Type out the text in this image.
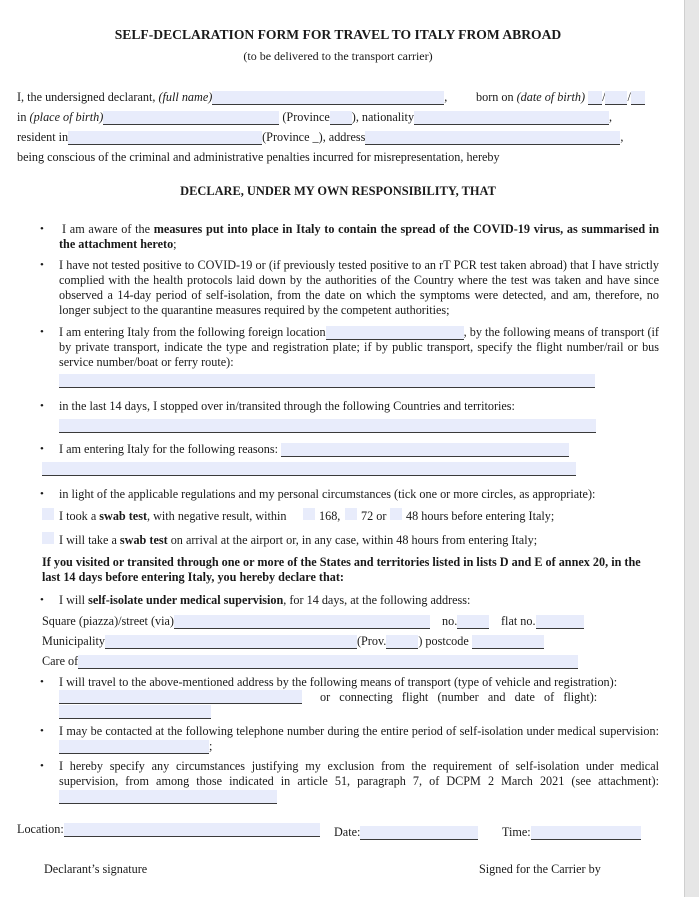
SELF-DECLARATION FORM FOR TRAVEL TO ITALY FROM ABROAD
(to be delivered to the transport carrier)
I, the undersigned declarant, (full name)	, born on (date of birth) / /
in (place of birth)	(Province ), nationality	,
resident in	(Province _), address	,
being conscious of the criminal and administrative penalties incurred for misrepresentation, hereby
DECLARE, UNDER MY OWN RESPONSIBILITY, THAT
• I am aware of the measures put into place in Italy to contain the spread of the COVID-19 virus, as summarised in the attachment hereto;
• I have not tested positive to COVID-19 or (if previously tested positive to an rT PCR test taken abroad) that I have strictly complied with the health protocols laid down by the authorities of the Country where the test was taken and have since observed a 14-day period of self-isolation, from the date on which the symptoms were detected, and am, therefore, no longer subject to the quarantine measures required by the competent authorities;
• I am entering Italy from the following foreign location	, by the following means of transport (if by private transport, indicate the type and registration plate; if by public transport, specify the flight number/rail or bus service number/boat or ferry route):
• in the last 14 days, I stopped over in/transited through the following Countries and territories:
• I am entering Italy for the following reasons:
• in light of the applicable regulations and my personal circumstances (tick one or more circles, as appropriate):
I took a swab test, with negative result, within	168, 72 or 48 hours before entering Italy;
I will take a swab test on arrival at the airport or, in any case, within 48 hours from entering Italy;
If you visited or transited through one or more of the States and territories listed in lists D and E of annex 20, in the last 14 days before entering Italy, you hereby declare that:
• I will self-isolate under medical supervision, for 14 days, at the following address:
Square (piazza)/street (via)	no.	flat no.
Municipality	(Prov.	) postcode
Care of
• I will travel to the above-mentioned address by the following means of transport (type of vehicle and registration):
or   connecting   flight   (number   and   date   of   flight):
• I may be contacted at the following telephone number during the entire period of self-isolation under medical supervision: ;
• I hereby specify any circumstances justifying my exclusion from the requirement of self-isolation under medical supervision, from among those indicated in article 51, paragraph 7, of DCPM 2 March 2021 (see attachment):
Location:	Date:	Time:
Declarant’s signature	Signed for the Carrier by
